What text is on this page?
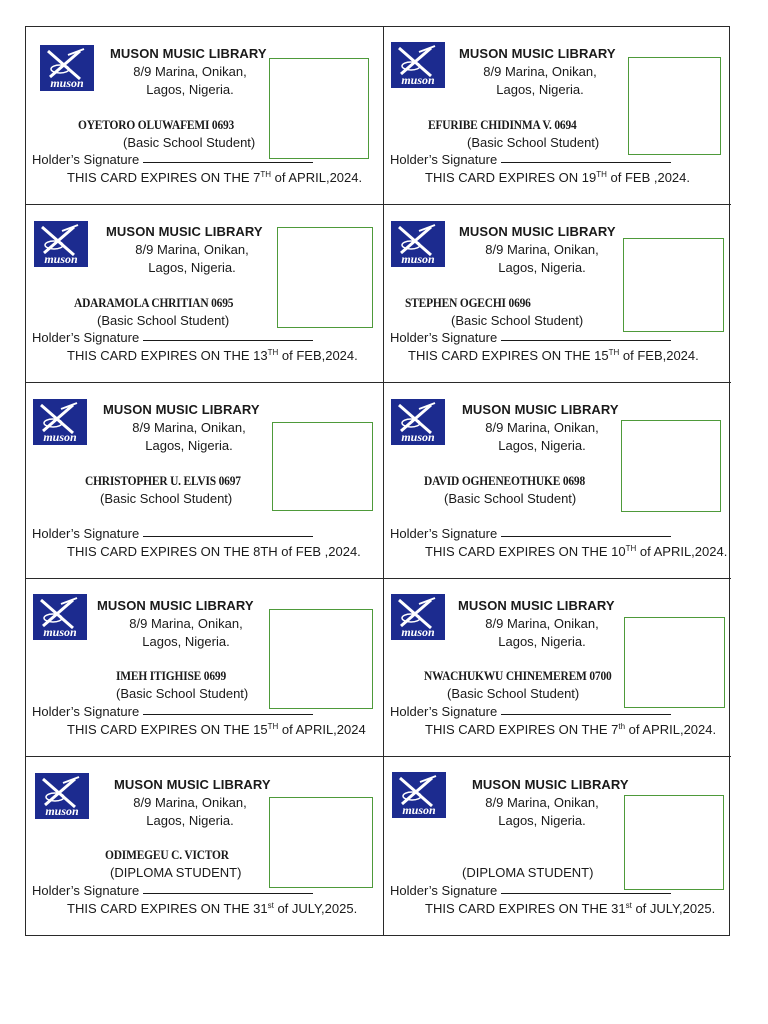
muson
MUSON MUSIC LIBRARY
8/9 Marina, Onikan,
Lagos, Nigeria.
OYETORO OLUWAFEMI 0693
(Basic School Student)
Holder’s Signature
THIS CARD EXPIRES ON THE 7TH of APRIL,2024.
muson
MUSON MUSIC LIBRARY
8/9 Marina, Onikan,
Lagos, Nigeria.
EFURIBE CHIDINMA V. 0694
(Basic School Student)
Holder’s Signature
THIS CARD EXPIRES ON 19TH of FEB ,2024.
muson
MUSON MUSIC LIBRARY
8/9 Marina, Onikan,
Lagos, Nigeria.
ADARAMOLA CHRITIAN 0695
(Basic School Student)
Holder’s Signature
THIS CARD EXPIRES ON THE 13TH of FEB,2024.
muson
MUSON MUSIC LIBRARY
8/9 Marina, Onikan,
Lagos, Nigeria.
STEPHEN OGECHI 0696
(Basic School Student)
Holder’s Signature
THIS CARD EXPIRES ON THE 15TH of FEB,2024.
muson
MUSON MUSIC LIBRARY
8/9 Marina, Onikan,
Lagos, Nigeria.
CHRISTOPHER U. ELVIS 0697
(Basic School Student)
Holder’s Signature
THIS CARD EXPIRES ON THE 8TH of FEB ,2024.
muson
MUSON MUSIC LIBRARY
8/9 Marina, Onikan,
Lagos, Nigeria.
DAVID OGHENEOTHUKE 0698
(Basic School Student)
Holder’s Signature
THIS CARD EXPIRES ON THE 10TH of APRIL,2024.
muson
MUSON MUSIC LIBRARY
8/9 Marina, Onikan,
Lagos, Nigeria.
IMEH ITIGHISE 0699
(Basic School Student)
Holder’s Signature
THIS CARD EXPIRES ON THE 15TH of APRIL,2024
muson
MUSON MUSIC LIBRARY
8/9 Marina, Onikan,
Lagos, Nigeria.
NWACHUKWU CHINEMEREM 0700
(Basic School Student)
Holder’s Signature
THIS CARD EXPIRES ON THE 7th of APRIL,2024.
muson
MUSON MUSIC LIBRARY
8/9 Marina, Onikan,
Lagos, Nigeria.
ODIMEGEU C. VICTOR
(DIPLOMA STUDENT)
Holder’s Signature
THIS CARD EXPIRES ON THE 31st of JULY,2025.
muson
MUSON MUSIC LIBRARY
8/9 Marina, Onikan,
Lagos, Nigeria.
(DIPLOMA STUDENT)
Holder’s Signature
THIS CARD EXPIRES ON THE 31st of JULY,2025.
